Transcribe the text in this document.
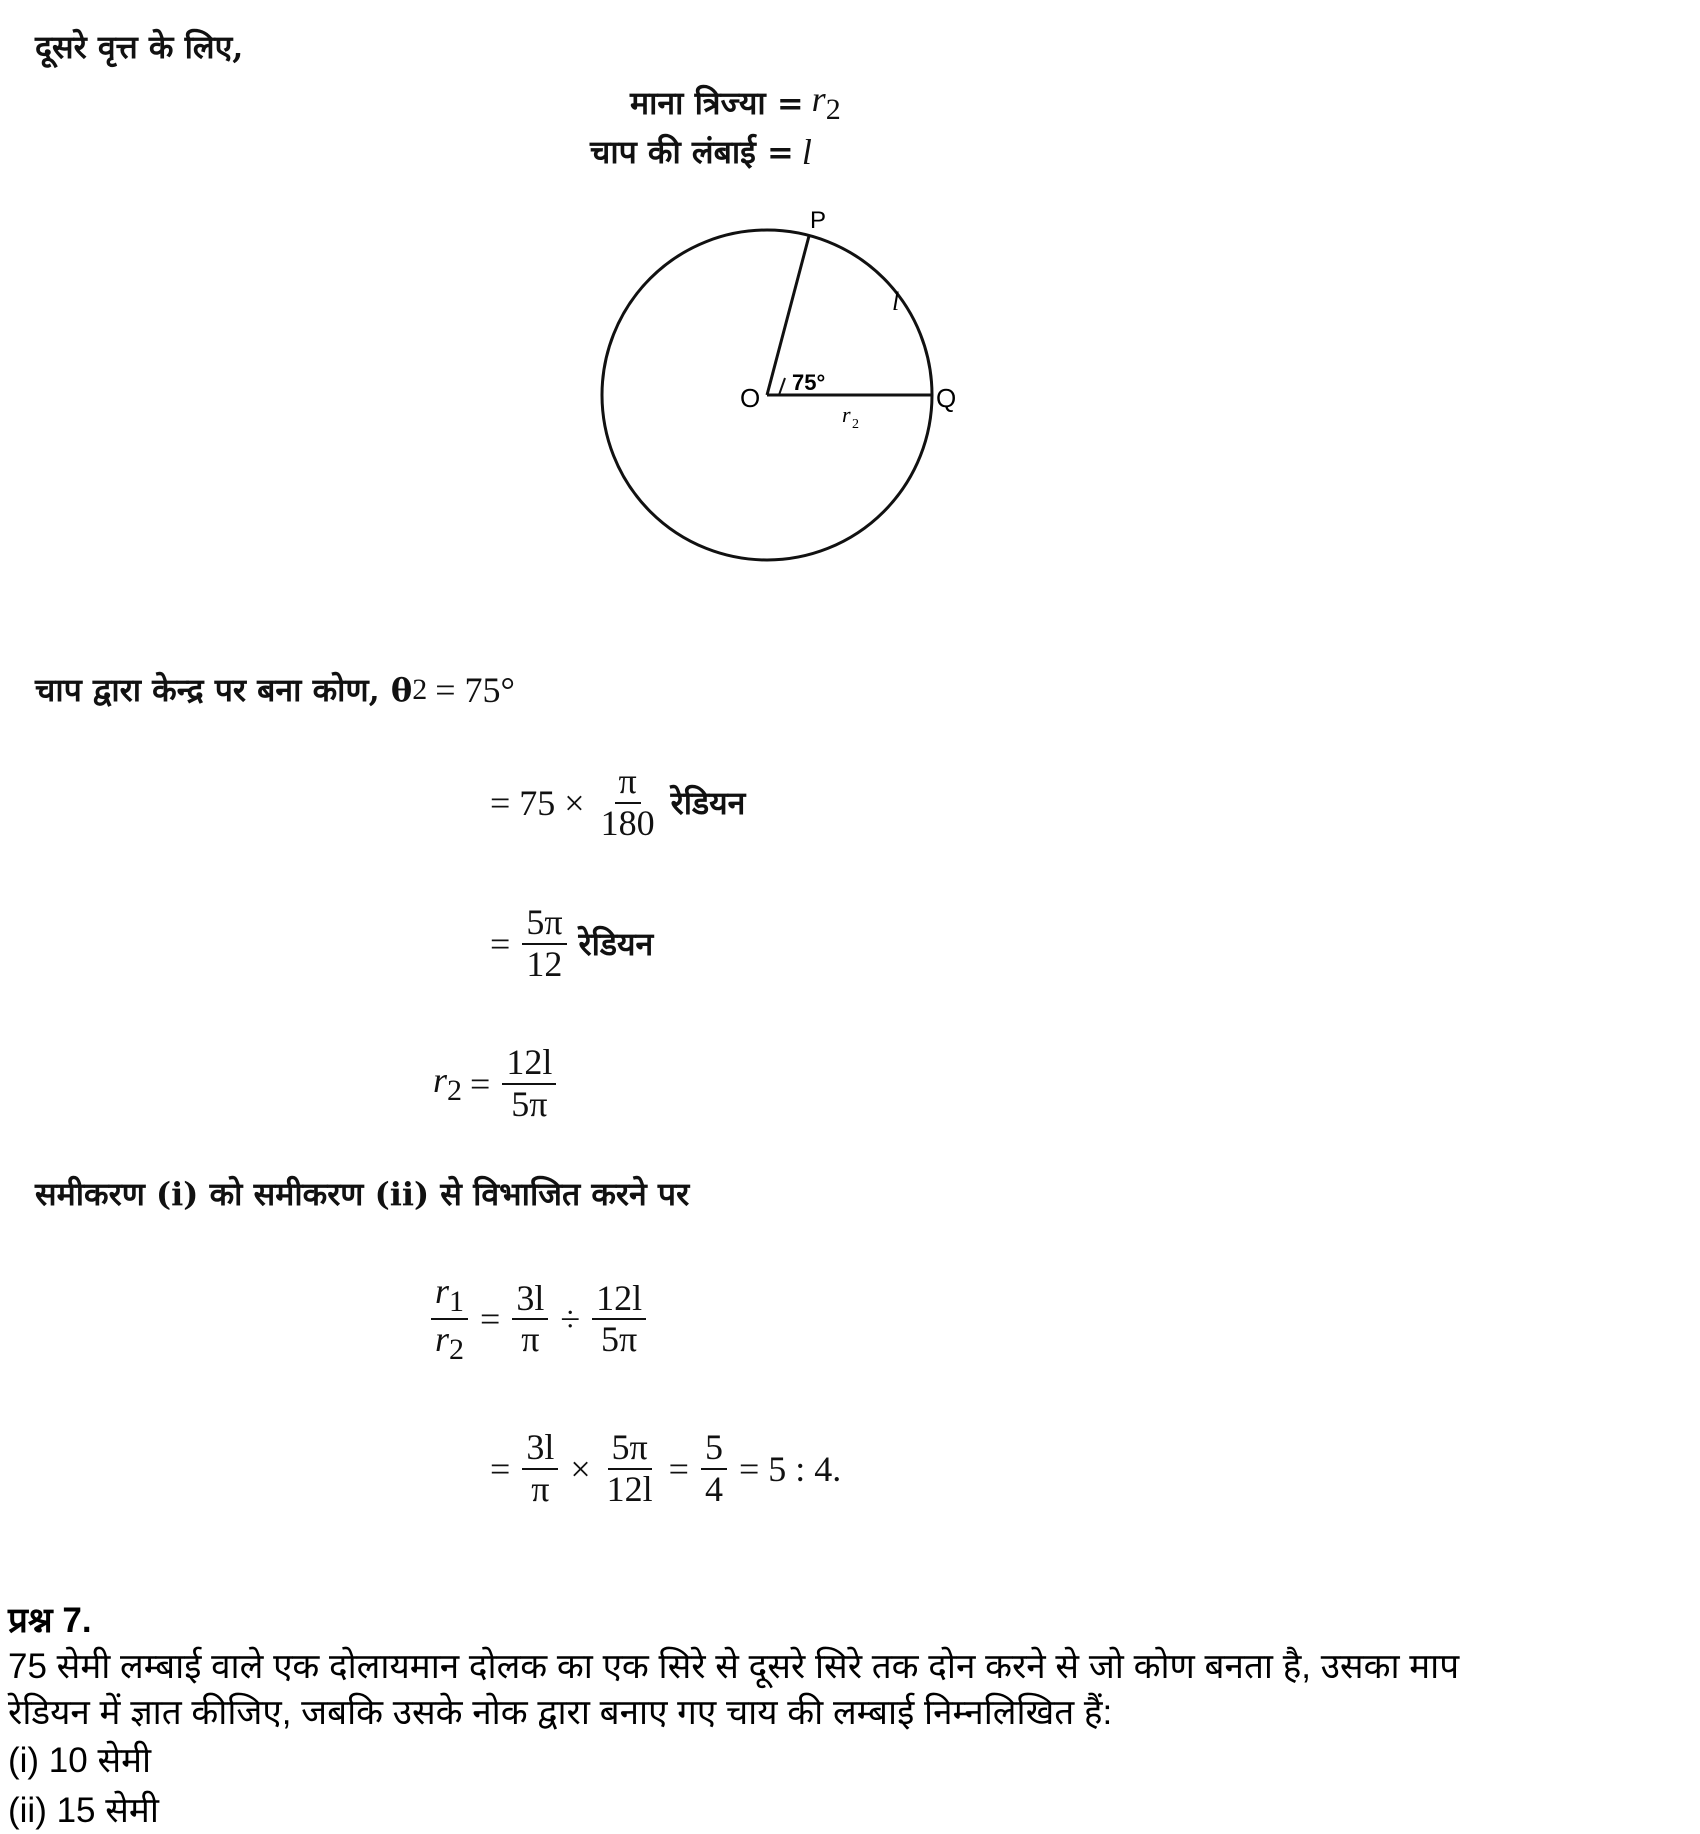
दूसरे वृत्त के लिए,
माना त्रिज्या = $r_2$
चाप की लंबाई = l
P
O	Q
75°
l
r 2
चाप द्वारा केन्द्र पर बना कोण, θ 2 = 75°
= $75 \times \frac{\pi}{180}$ रेडियन
= $\frac{5\pi}{12}$ रेडियन
$r_2 = \frac{12l}{5\pi}$
समीकरण (i) को समीकरण (ii) से विभाजित करने पर
$\frac{r_1}{r_2} = \frac{3l}{\pi} \div \frac{12l}{5\pi}$
= $\frac{3l}{\pi} \times \frac{5\pi}{12l} = \frac{5}{4} = 5$ : 4.
प्रश्न 7.
75 सेमी लम्बाई वाले एक दोलायमान दोलक का एक सिरे से दूसरे सिरे तक दोन करने से जो कोण बनता है, उसका माप
रेडियन में ज्ञात कीजिए, जबकि उसके नोक द्वारा बनाए गए चाय की लम्बाई निम्नलिखित हैं:
(i) 10 सेमी
(ii) 15 सेमी
